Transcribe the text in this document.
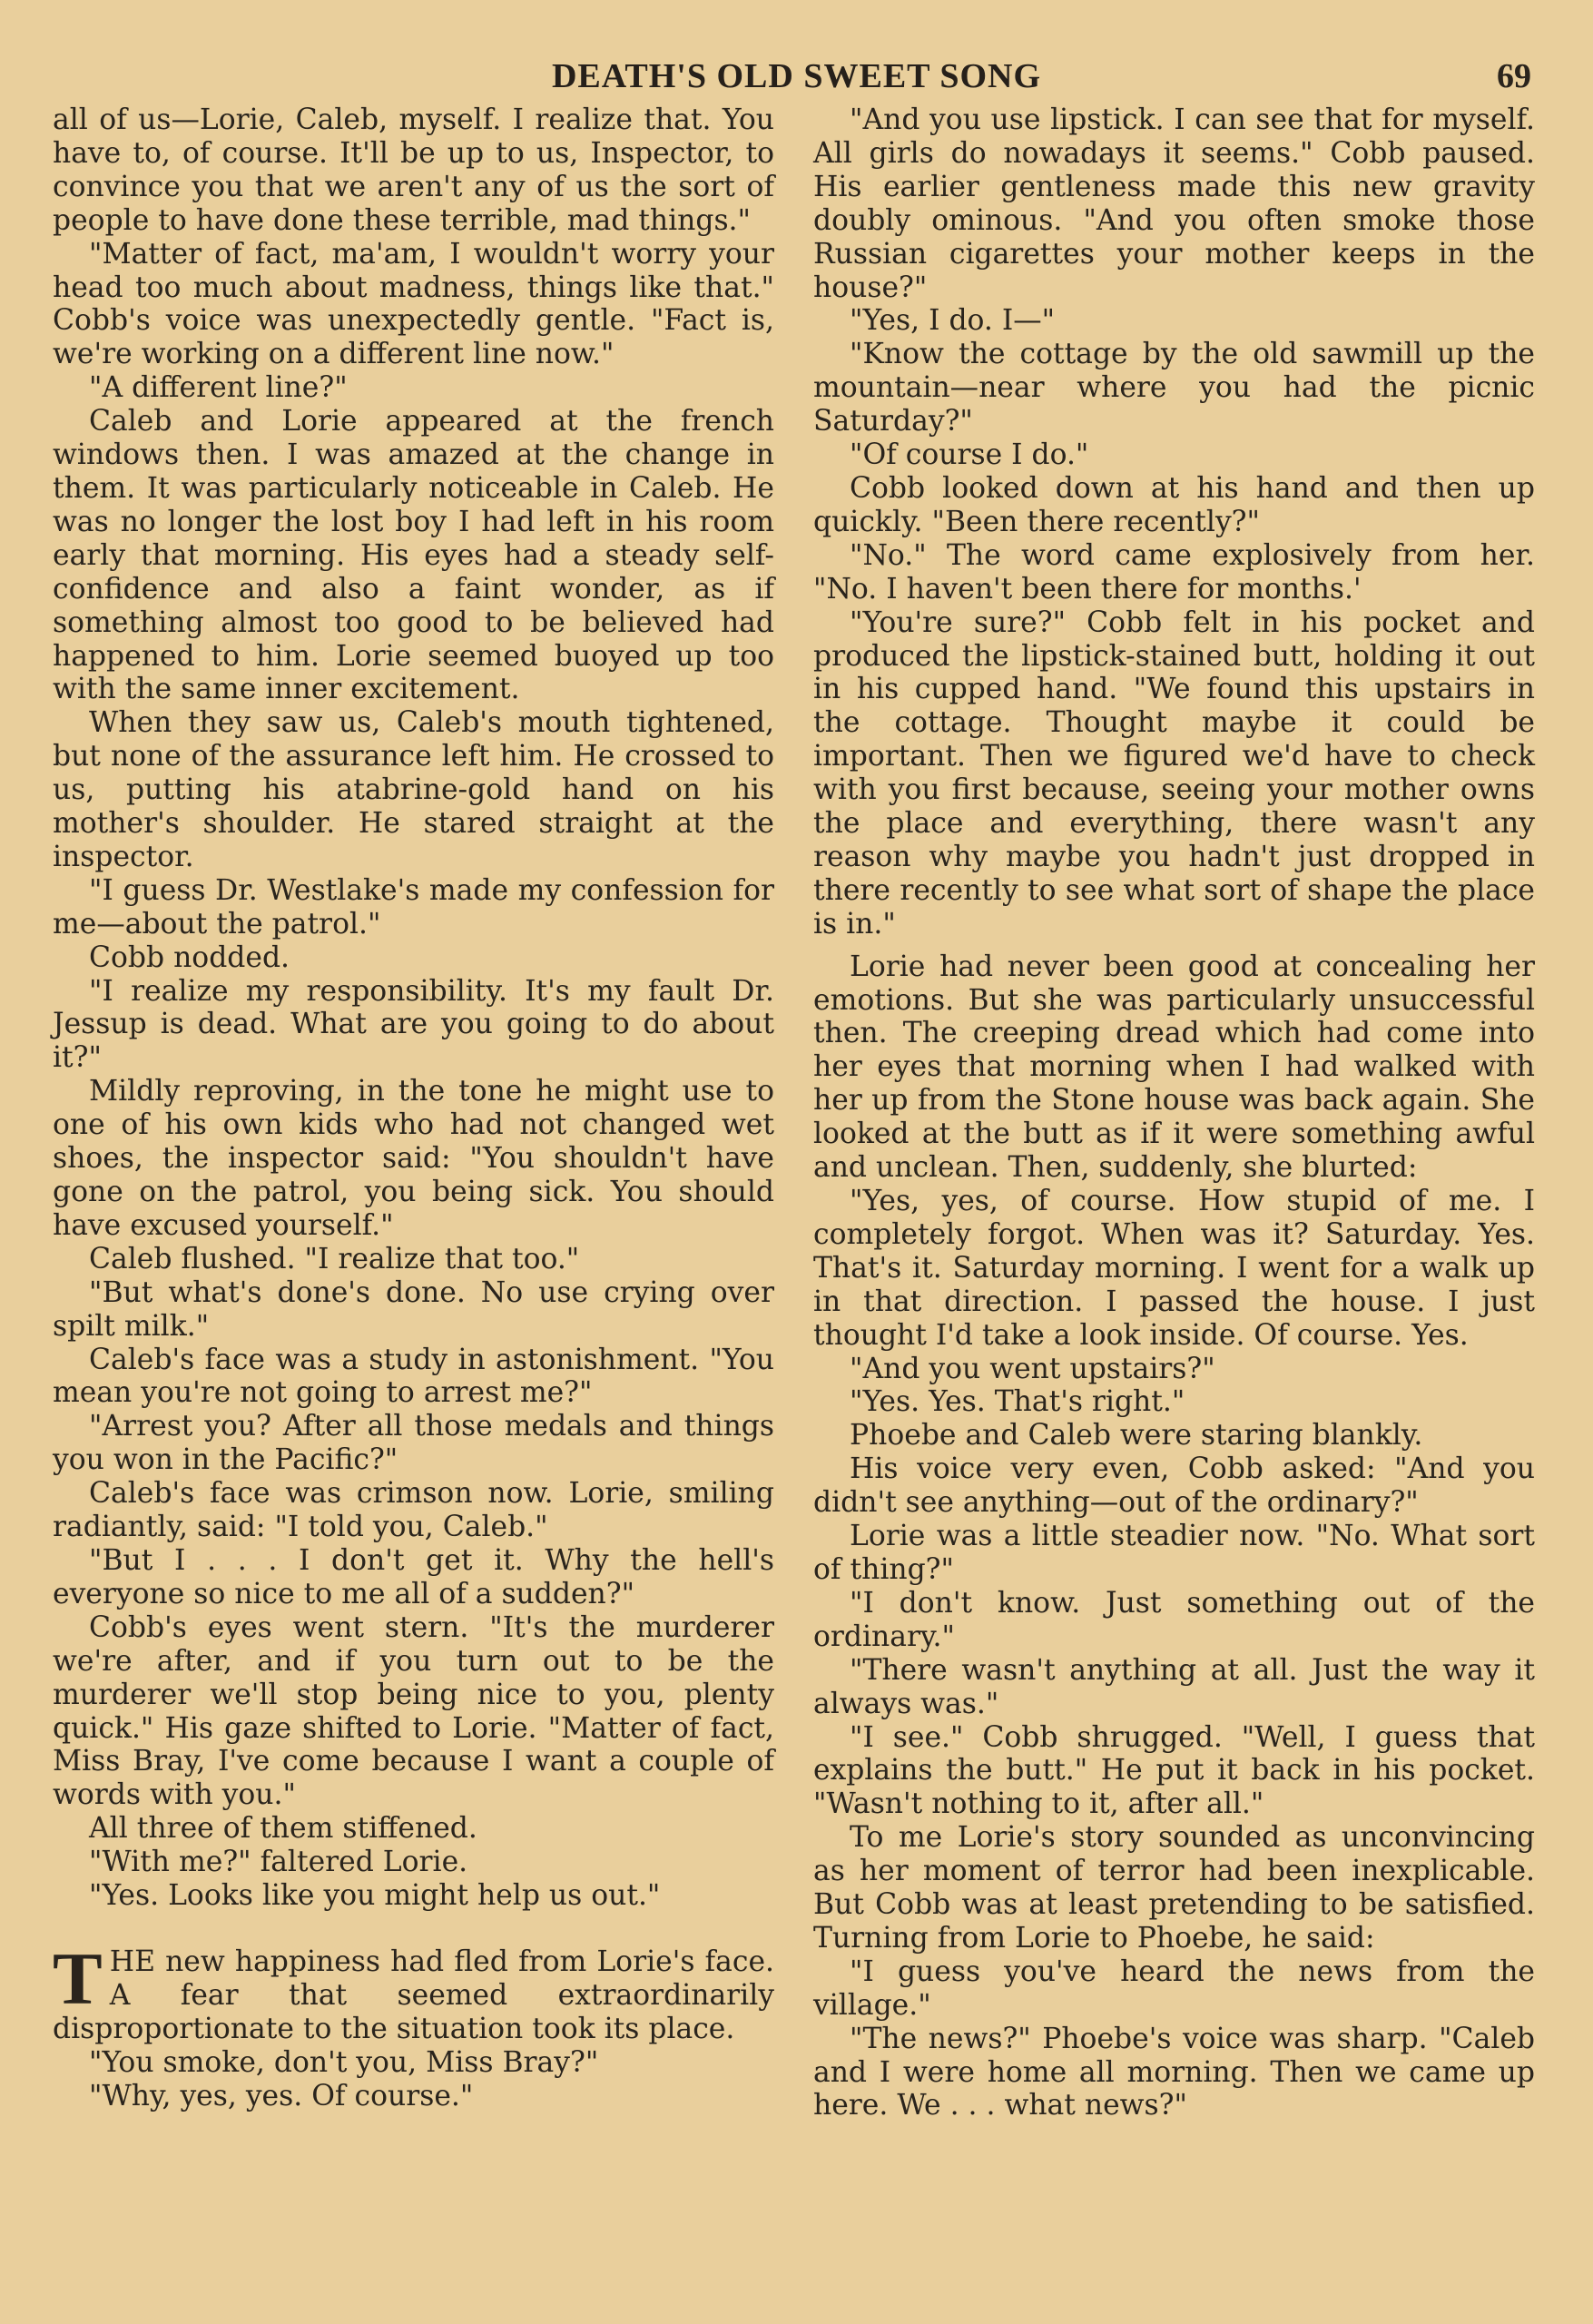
DEATH'S OLD SWEET SONG	69

all of us—Lorie, Caleb, myself. I realize that. You have to, of course. It'll be up to us, Inspector, to convince you that we aren't any of us the sort of people to have done these terrible, mad things."

"Matter of fact, ma'am, I wouldn't worry your head too much about madness, things like that." Cobb's voice was unexpectedly gentle. "Fact is, we're working on a different line now."

"A different line?"

Caleb and Lorie appeared at the french windows then. I was amazed at the change in them. It was particularly noticeable in Caleb. He was no longer the lost boy I had left in his room early that morning. His eyes had a steady self-confidence and also a faint wonder, as if something almost too good to be believed had happened to him. Lorie seemed buoyed up too with the same inner excitement.

When they saw us, Caleb's mouth tightened, but none of the assurance left him. He crossed to us, putting his atabrine-gold hand on his mother's shoulder. He stared straight at the inspector.

"I guess Dr. Westlake's made my confession for me—about the patrol."

Cobb nodded.

"I realize my responsibility. It's my fault Dr. Jessup is dead. What are you going to do about it?"

Mildly reproving, in the tone he might use to one of his own kids who had not changed wet shoes, the inspector said: "You shouldn't have gone on the patrol, you being sick. You should have excused yourself."

Caleb flushed. "I realize that too."

"But what's done's done. No use crying over spilt milk."

Caleb's face was a study in astonishment. "You mean you're not going to arrest me?"

"Arrest you? After all those medals and things you won in the Pacific?"

Caleb's face was crimson now. Lorie, smiling radiantly, said: "I told you, Caleb."

"But I . . . I don't get it. Why the hell's everyone so nice to me all of a sudden?"

Cobb's eyes went stern. "It's the murderer we're after, and if you turn out to be the murderer we'll stop being nice to you, plenty quick." His gaze shifted to Lorie. "Matter of fact, Miss Bray, I've come because I want a couple of words with you."

All three of them stiffened.

"With me?" faltered Lorie.

"Yes. Looks like you might help us out."

THE new happiness had fled from Lorie's face. A fear that seemed extraordinarily disproportionate to the situation took its place.

"You smoke, don't you, Miss Bray?"

"Why, yes, yes. Of course."

"And you use lipstick. I can see that for myself. All girls do nowadays it seems." Cobb paused. His earlier gentleness made this new gravity doubly ominous. "And you often smoke those Russian cigarettes your mother keeps in the house?"

"Yes, I do. I—"

"Know the cottage by the old sawmill up the mountain—near where you had the picnic Saturday?"

"Of course I do."

Cobb looked down at his hand and then up quickly. "Been there recently?"

"No." The word came explosively from her. "No. I haven't been there for months.'

"You're sure?" Cobb felt in his pocket and produced the lipstick-stained butt, holding it out in his cupped hand. "We found this upstairs in the cottage. Thought maybe it could be important. Then we figured we'd have to check with you first because, seeing your mother owns the place and everything, there wasn't any reason why maybe you hadn't just dropped in there recently to see what sort of shape the place is in."

Lorie had never been good at concealing her emotions. But she was particularly unsuccessful then. The creeping dread which had come into her eyes that morning when I had walked with her up from the Stone house was back again. She looked at the butt as if it were something awful and unclean. Then, suddenly, she blurted:

"Yes, yes, of course. How stupid of me. I completely forgot. When was it? Saturday. Yes. That's it. Saturday morning. I went for a walk up in that direction. I passed the house. I just thought I'd take a look inside. Of course. Yes.

"And you went upstairs?"

"Yes. Yes. That's right."

Phoebe and Caleb were staring blankly.

His voice very even, Cobb asked: "And you didn't see anything—out of the ordinary?"

Lorie was a little steadier now. "No. What sort of thing?"

"I don't know. Just something out of the ordinary."

"There wasn't anything at all. Just the way it always was."

"I see." Cobb shrugged. "Well, I guess that explains the butt." He put it back in his pocket. "Wasn't nothing to it, after all."

To me Lorie's story sounded as unconvincing as her moment of terror had been inexplicable. But Cobb was at least pretending to be satisfied. Turning from Lorie to Phoebe, he said:

"I guess you've heard the news from the village."

"The news?" Phoebe's voice was sharp. "Caleb and I were home all morning. Then we came up here. We . . . what news?"
